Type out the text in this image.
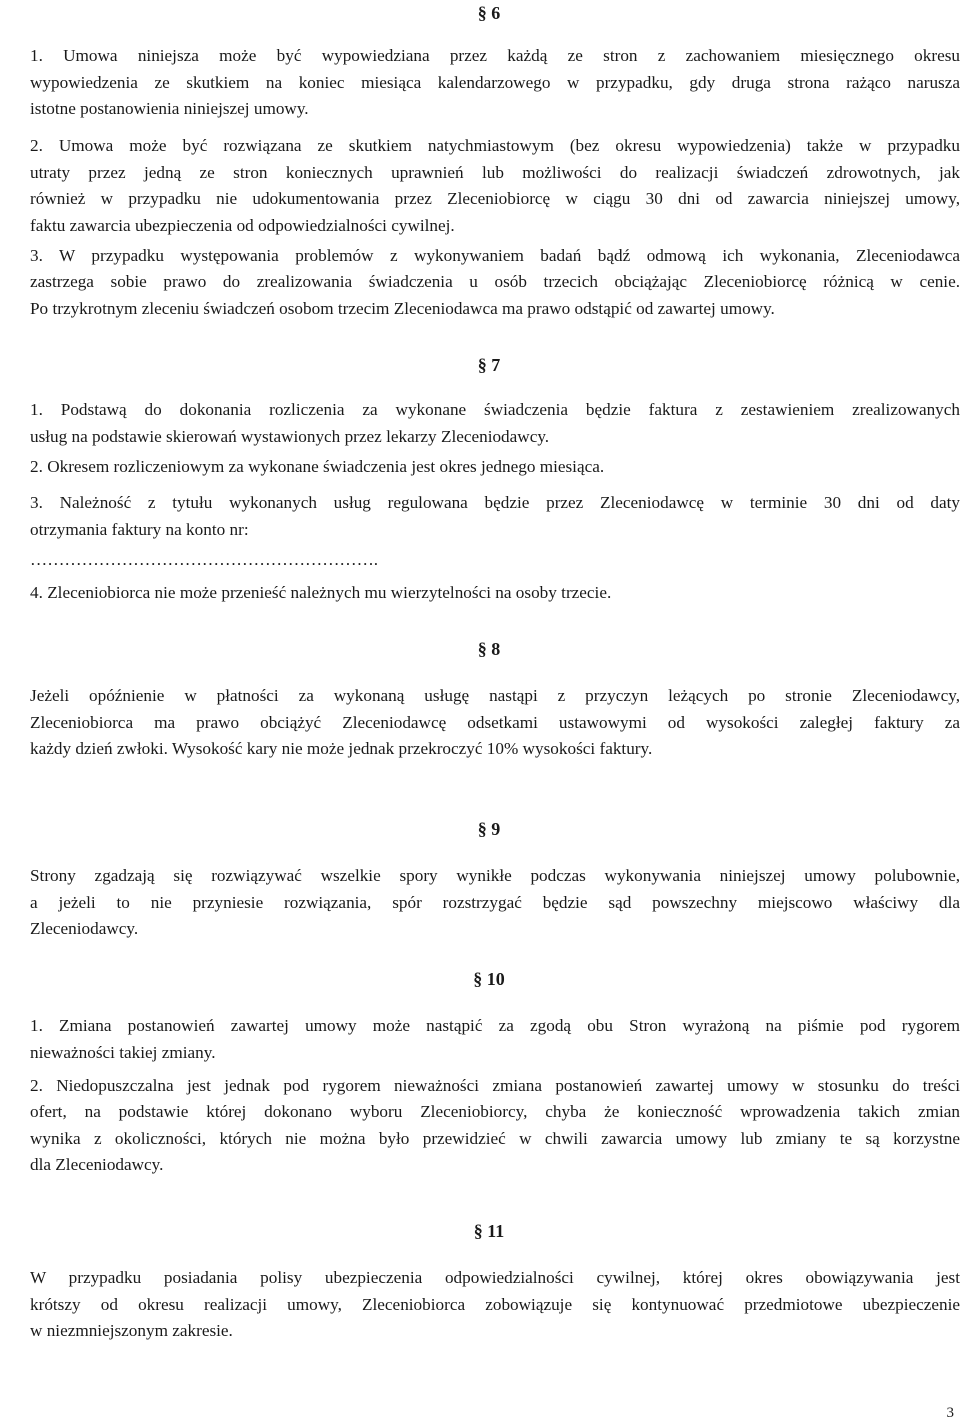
§ 6
1. Umowa niniejsza może być wypowiedziana przez każdą ze stron z zachowaniem miesięcznego okresu
wypowiedzenia ze skutkiem na koniec miesiąca kalendarzowego w przypadku, gdy druga strona rażąco narusza
istotne postanowienia niniejszej umowy.
2. Umowa może być rozwiązana ze skutkiem natychmiastowym (bez okresu wypowiedzenia) także w przypadku
utraty przez jedną ze stron koniecznych uprawnień lub możliwości do realizacji świadczeń zdrowotnych, jak
również w przypadku nie udokumentowania przez Zleceniobiorcę w ciągu 30 dni od zawarcia niniejszej umowy,
faktu zawarcia ubezpieczenia od odpowiedzialności cywilnej.
3. W przypadku występowania problemów z wykonywaniem badań bądź odmową ich wykonania, Zleceniodawca
zastrzega sobie prawo do zrealizowania świadczenia u osób trzecich obciążając Zleceniobiorcę różnicą w cenie.
Po trzykrotnym zleceniu świadczeń osobom trzecim Zleceniodawca ma prawo odstąpić od zawartej umowy.
§ 7
1. Podstawą do dokonania rozliczenia za wykonane świadczenia będzie faktura z zestawieniem zrealizowanych
usług na podstawie skierowań wystawionych przez lekarzy Zleceniodawcy.
2. Okresem rozliczeniowym za wykonane świadczenia jest okres jednego miesiąca.
3. Należność z tytułu wykonanych usług regulowana będzie przez Zleceniodawcę w terminie 30 dni od daty
otrzymania faktury na konto nr:
…………………………………………………….
4. Zleceniobiorca nie może przenieść należnych mu wierzytelności na osoby trzecie.
§ 8
Jeżeli opóźnienie w płatności za wykonaną usługę nastąpi z przyczyn leżących po stronie Zleceniodawcy,
Zleceniobiorca ma prawo obciążyć Zleceniodawcę odsetkami ustawowymi od wysokości zaległej faktury za
każdy dzień zwłoki. Wysokość kary nie może jednak przekroczyć 10% wysokości faktury.
§ 9
Strony zgadzają się rozwiązywać wszelkie spory wynikłe podczas wykonywania niniejszej umowy polubownie,
a jeżeli to nie przyniesie rozwiązania, spór rozstrzygać będzie sąd powszechny miejscowo właściwy dla
Zleceniodawcy.
§ 10
1. Zmiana postanowień zawartej umowy może nastąpić za zgodą obu Stron wyrażoną na piśmie pod rygorem
nieważności takiej zmiany.
2. Niedopuszczalna jest jednak pod rygorem nieważności zmiana postanowień zawartej umowy w stosunku do treści
ofert, na podstawie której dokonano wyboru Zleceniobiorcy, chyba że konieczność wprowadzenia takich zmian
wynika z okoliczności, których nie można było przewidzieć w chwili zawarcia umowy lub zmiany te są korzystne
dla Zleceniodawcy.
§ 11
W przypadku posiadania polisy ubezpieczenia odpowiedzialności cywilnej, której okres obowiązywania jest
krótszy od okresu realizacji umowy, Zleceniobiorca zobowiązuje się kontynuować przedmiotowe ubezpieczenie
w niezmniejszonym zakresie.
3
